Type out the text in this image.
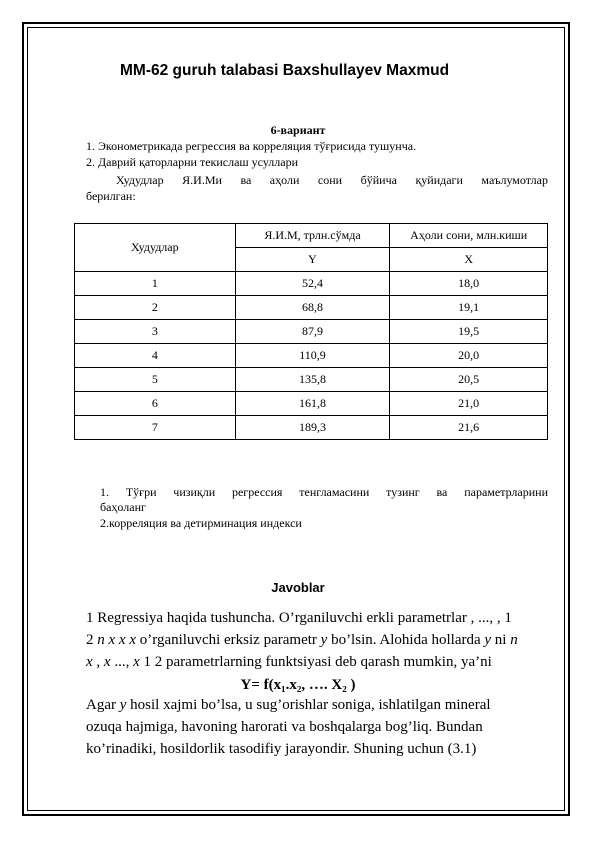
MM-62 guruh talabasi Baxshullayev Maxmud
6-вариант
1. Эконометрикада регрессия ва корреляция тўғрисида тушунча.
2. Даврий қаторларни текислаш усуллари
Худудлар Я.И.Ми ва аҳоли сони бўйича қуйидаги маълумотлар
берилган:
Худудлар	Я.И.М, трлн.сўмда	Аҳоли сони, млн.киши
	Y	X
1	52,4	18,0
2	68,8	19,1
3	87,9	19,5
4	110,9	20,0
5	135,8	20,5
6	161,8	21,0
7	189,3	21,6
1. Тўғри чизиқли регрессия тенгламасини тузинг ва параметрларини
баҳоланг
2.корреляция ва детирминация индекси
Javoblar
1 Regressiya haqida tushuncha. O’rganiluvchi erkli parametrlar , ..., , 1
2 n x x x o’rganiluvchi erksiz parametr y bo’lsin. Alohida hollarda y ni n
x , x ..., x 1 2 parametrlarning funktsiyasi deb qarash mumkin, ya’ni
Y= f(x₁.x₂, …. X₂ )
Agar y hosil xajmi bo’lsa, u sug’orishlar soniga, ishlatilgan mineral
ozuqa hajmiga, havoning harorati va boshqalarga bog’liq. Bundan
ko’rinadiki, hosildorlik tasodifiy jarayondir. Shuning uchun (3.1)
